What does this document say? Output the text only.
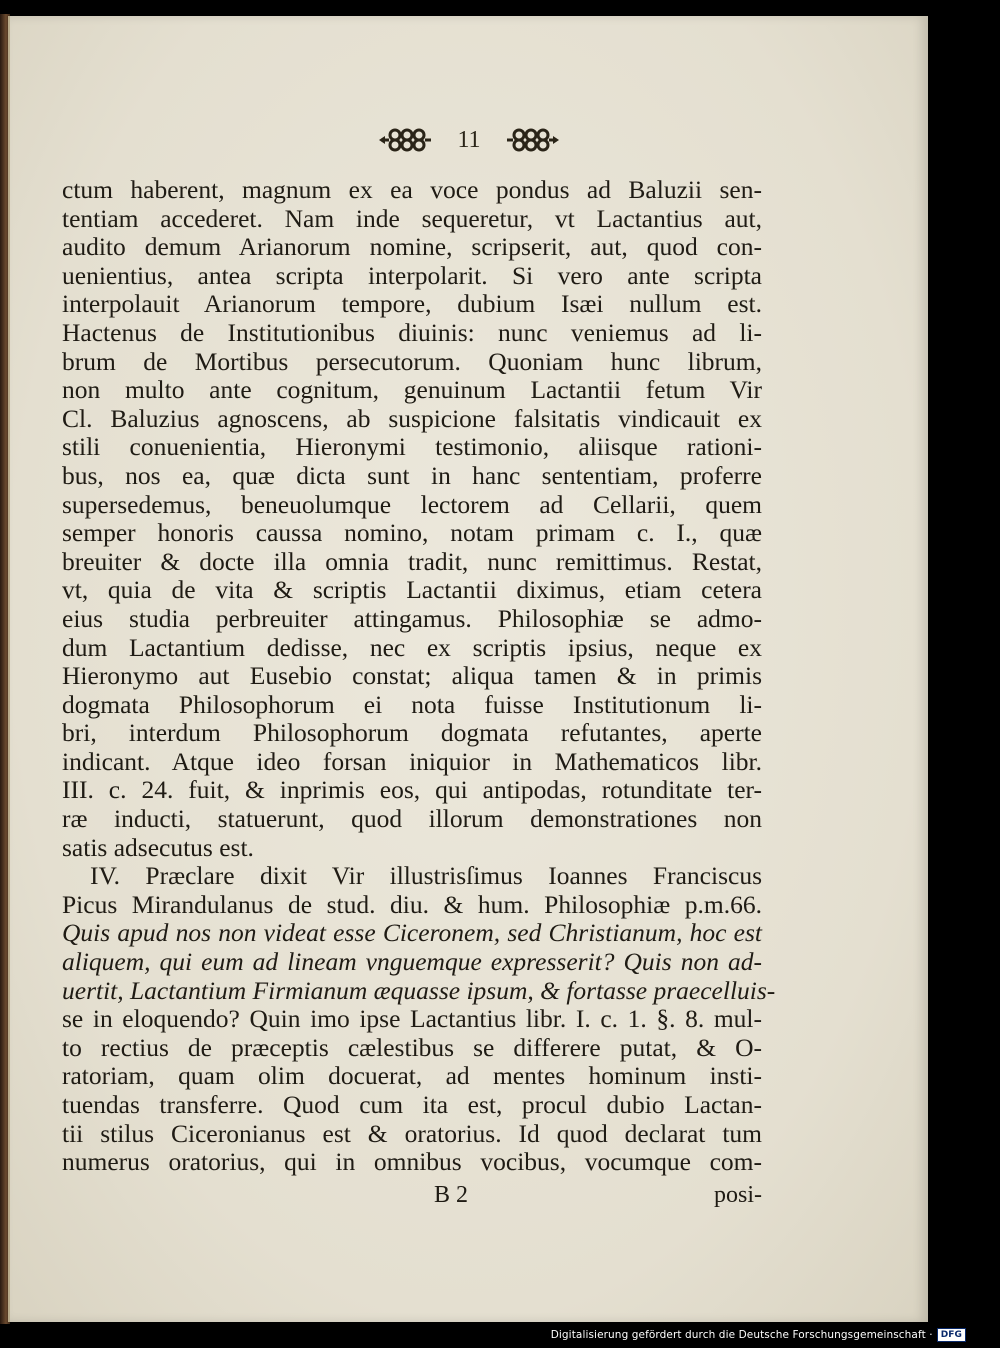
11
ctum haberent, magnum ex ea voce pondus ad Baluzii sen-
tentiam accederet. Nam inde sequeretur, vt Lactantius aut,
audito demum Arianorum nomine, scripserit, aut, quod con-
uenientius, antea scripta interpolarit. Si vero ante scripta
interpolauit Arianorum tempore, dubium Isæi nullum est.
Hactenus de Institutionibus diuinis: nunc veniemus ad li-
brum de Mortibus persecutorum. Quoniam hunc librum,
non multo ante cognitum, genuinum Lactantii fetum Vir
Cl. Baluzius agnoscens, ab suspicione falsitatis vindicauit ex
stili conuenientia, Hieronymi testimonio, aliisque rationi-
bus, nos ea, quæ dicta sunt in hanc sententiam, proferre
supersedemus, beneuolumque lectorem ad Cellarii, quem
semper honoris caussa nomino, notam primam c. I., quæ
breuiter & docte illa omnia tradit, nunc remittimus. Restat,
vt, quia de vita & scriptis Lactantii diximus, etiam cetera
eius studia perbreuiter attingamus. Philosophiæ se admo-
dum Lactantium dedisse, nec ex scriptis ipsius, neque ex
Hieronymo aut Eusebio constat; aliqua tamen & in primis
dogmata Philosophorum ei nota fuisse Institutionum li-
bri, interdum Philosophorum dogmata refutantes, aperte
indicant. Atque ideo forsan iniquior in Mathematicos libr.
III. c. 24. fuit, & inprimis eos, qui antipodas, rotunditate ter-
ræ inducti, statuerunt, quod illorum demonstrationes non
satis adsecutus est.
IV. Præclare dixit Vir illustrisſimus Ioannes Franciscus
Picus Mirandulanus de stud. diu. & hum. Philosophiæ p.m.66.
Quis apud nos non videat esse Ciceronem, sed Christianum, hoc est
aliquem, qui eum ad lineam vnguemque expresserit? Quis non ad-
uertit, Lactantium Firmianum æquasse ipsum, & fortasse praecelluis-
se in eloquendo? Quin imo ipse Lactantius libr. I. c. 1. §. 8. mul-
to rectius de præceptis cælestibus se differere putat, & O-
ratoriam, quam olim docuerat, ad mentes hominum insti-
tuendas transferre. Quod cum ita est, procul dubio Lactan-
tii stilus Ciceronianus est & oratorius. Id quod declarat tum
numerus oratorius, qui in omnibus vocibus, vocumque com-
B 2	posi-
Digitalisierung gefördert durch die Deutsche Forschungsgemeinschaft · DFG
